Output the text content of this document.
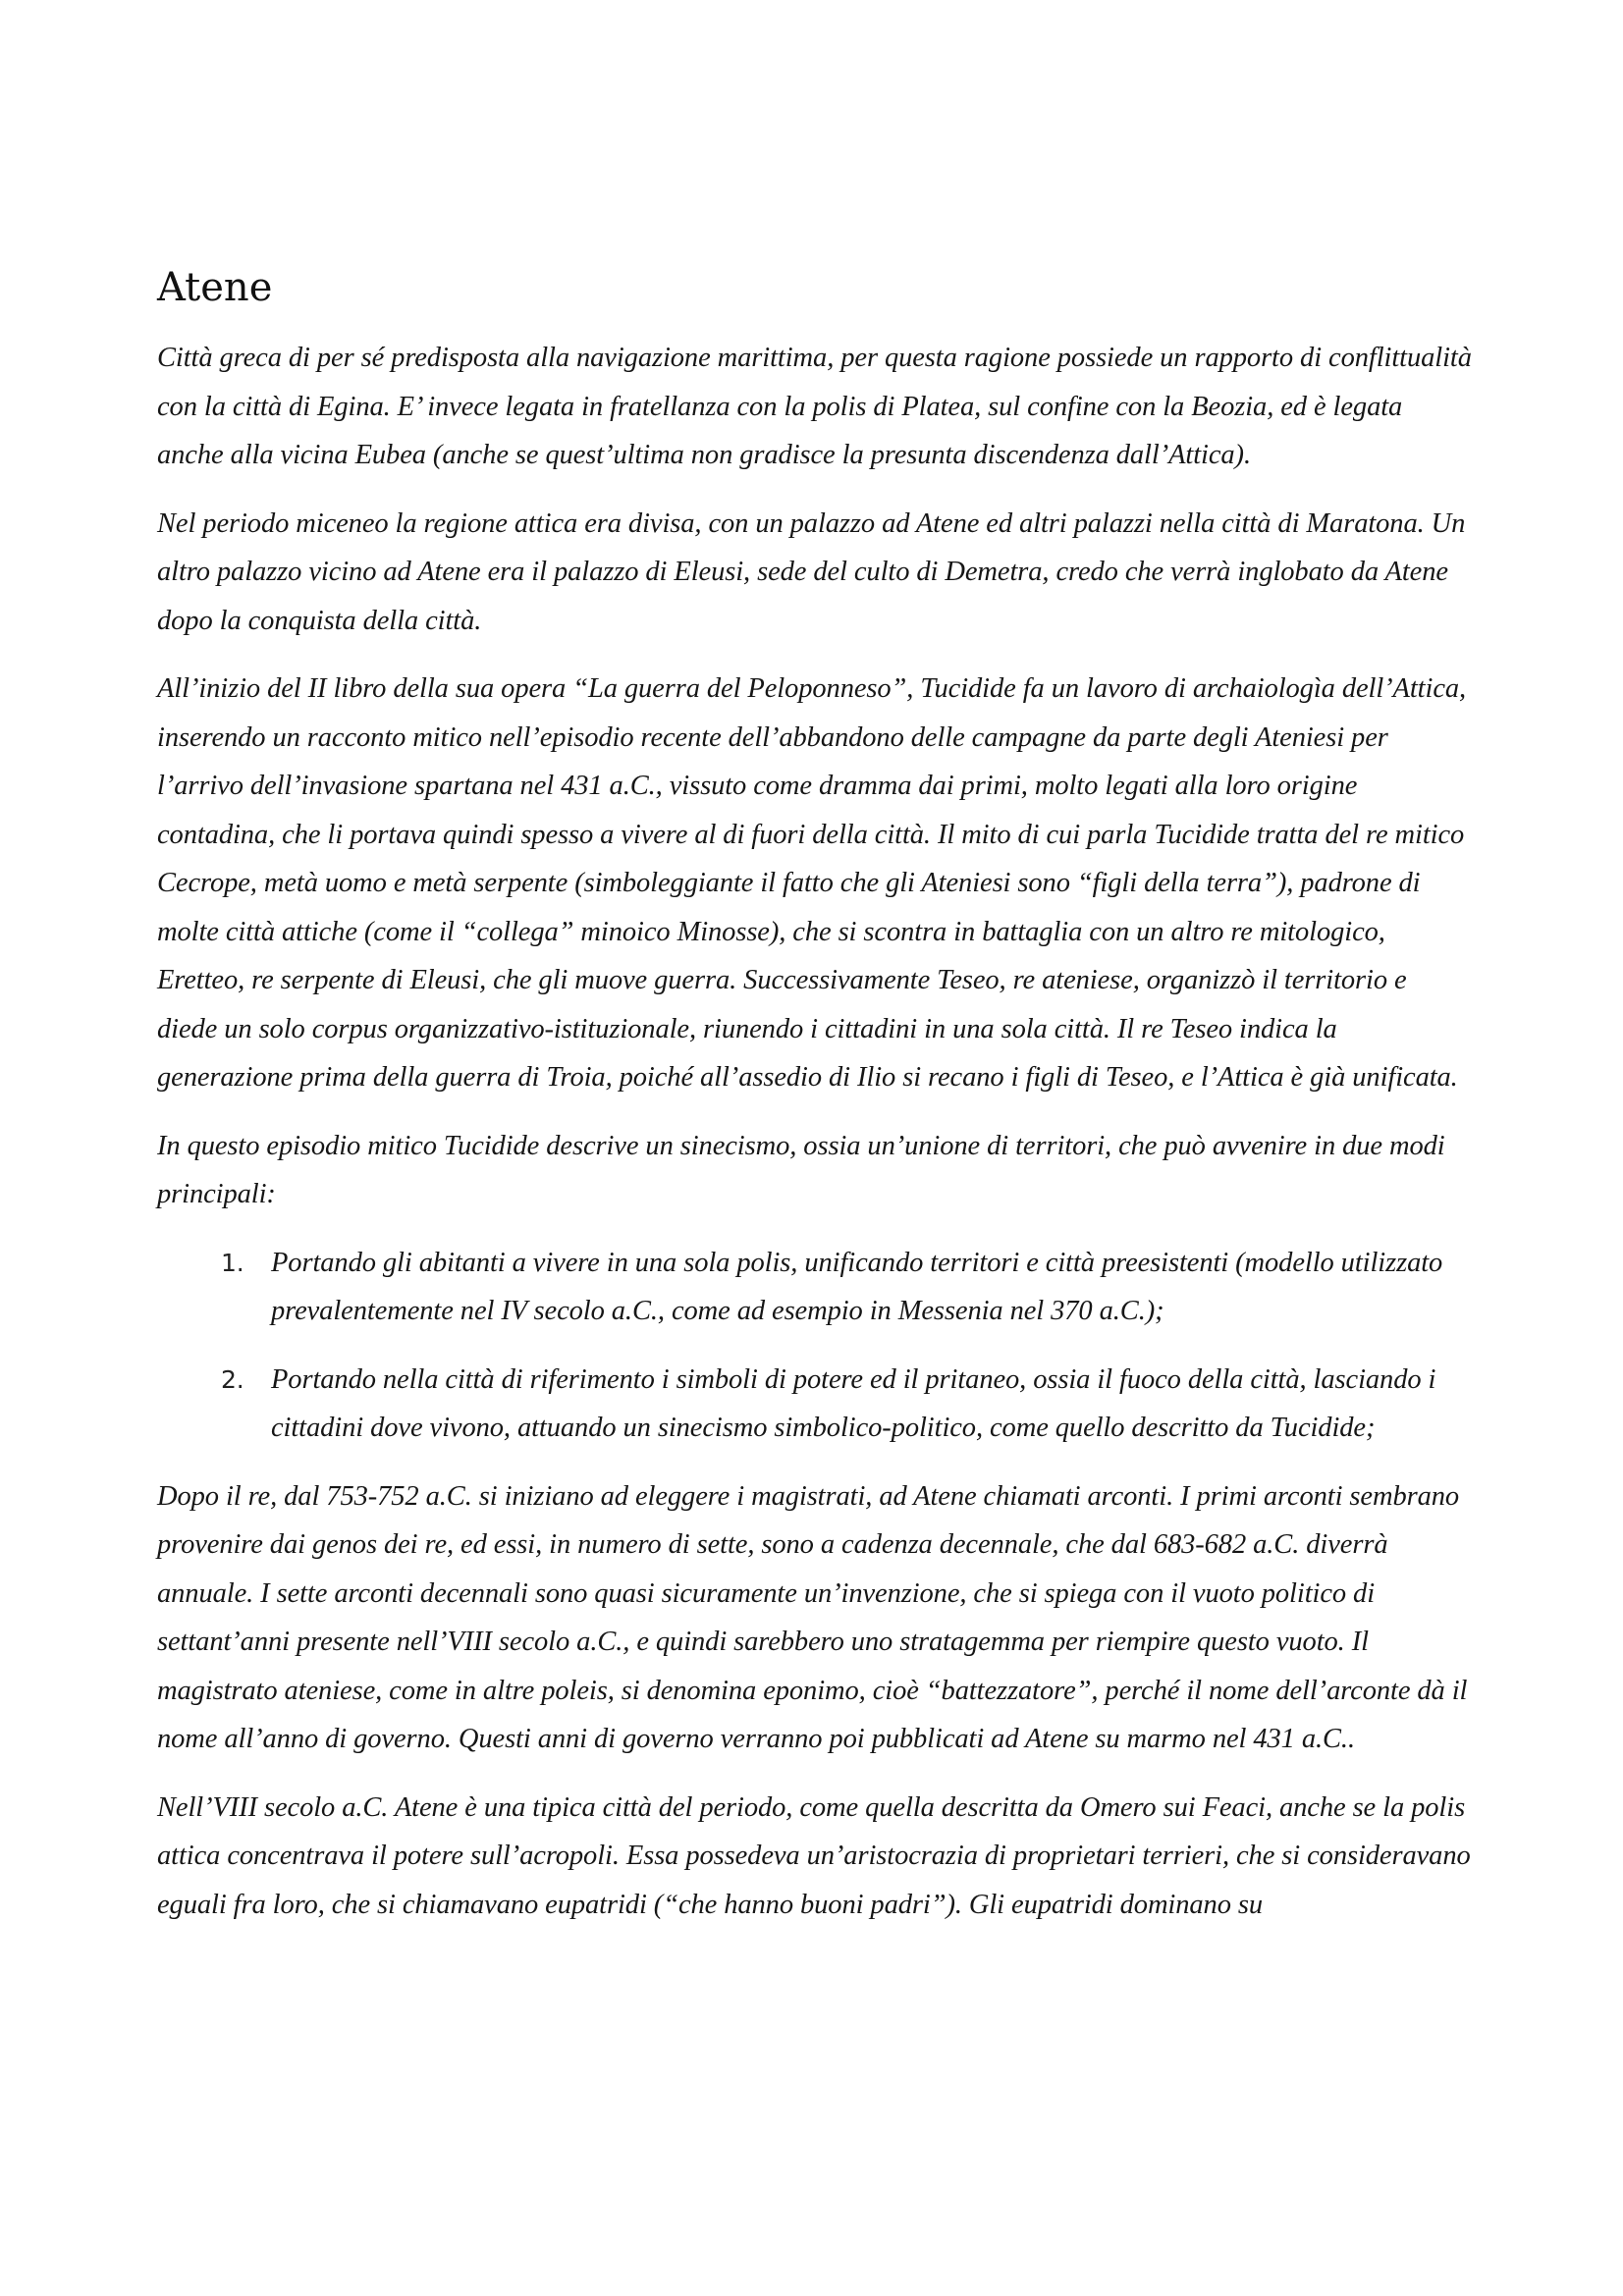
Atene

Città greca di per sé predisposta alla navigazione marittima, per questa ragione possiede un rapporto di conflittualità con la città di Egina. E’ invece legata in fratellanza con la polis di Platea, sul confine con la Beozia, ed è legata anche alla vicina Eubea (anche se quest’ultima non gradisce la presunta discendenza dall’Attica).

Nel periodo miceneo la regione attica era divisa, con un palazzo ad Atene ed altri palazzi nella città di Maratona. Un altro palazzo vicino ad Atene era il palazzo di Eleusi, sede del culto di Demetra, credo che verrà inglobato da Atene dopo la conquista della città.

All’inizio del II libro della sua opera “La guerra del Peloponneso”, Tucidide fa un lavoro di archaiologìa dell’Attica, inserendo un racconto mitico nell’episodio recente dell’abbandono delle campagne da parte degli Ateniesi per l’arrivo dell’invasione spartana nel 431 a.C., vissuto come dramma dai primi, molto legati alla loro origine contadina, che li portava quindi spesso a vivere al di fuori della città. Il mito di cui parla Tucidide tratta del re mitico Cecrope, metà uomo e metà serpente (simboleggiante il fatto che gli Ateniesi sono “figli della terra”), padrone di molte città attiche (come il “collega” minoico Minosse), che si scontra in battaglia con un altro re mitologico, Eretteo, re serpente di Eleusi, che gli muove guerra. Successivamente Teseo, re ateniese, organizzò il territorio e diede un solo corpus organizzativo-istituzionale, riunendo i cittadini in una sola città. Il re Teseo indica la generazione prima della guerra di Troia, poiché all’assedio di Ilio si recano i figli di Teseo, e l’Attica è già unificata.

In questo episodio mitico Tucidide descrive un sinecismo, ossia un’unione di territori, che può avvenire in due modi principali:

1. Portando gli abitanti a vivere in una sola polis, unificando territori e città preesistenti (modello utilizzato prevalentemente nel IV secolo a.C., come ad esempio in Messenia nel 370 a.C.);
2. Portando nella città di riferimento i simboli di potere ed il pritaneo, ossia il fuoco della città, lasciando i cittadini dove vivono, attuando un sinecismo simbolico-politico, come quello descritto da Tucidide;

Dopo il re, dal 753-752 a.C. si iniziano ad eleggere i magistrati, ad Atene chiamati arconti. I primi arconti sembrano provenire dai genos dei re, ed essi, in numero di sette, sono a cadenza decennale, che dal 683-682 a.C. diverrà annuale. I sette arconti decennali sono quasi sicuramente un’invenzione, che si spiega con il vuoto politico di settant’anni presente nell’VIII secolo a.C., e quindi sarebbero uno stratagemma per riempire questo vuoto. Il magistrato ateniese, come in altre poleis, si denomina eponimo, cioè “battezzatore”, perché il nome dell’arconte dà il nome all’anno di governo. Questi anni di governo verranno poi pubblicati ad Atene su marmo nel 431 a.C..

Nell’VIII secolo a.C. Atene è una tipica città del periodo, come quella descritta da Omero sui Feaci, anche se la polis attica concentrava il potere sull’acropoli. Essa possedeva un’aristocrazia di proprietari terrieri, che si consideravano eguali fra loro, che si chiamavano eupatridi (“che hanno buoni padri”). Gli eupatridi dominano su
